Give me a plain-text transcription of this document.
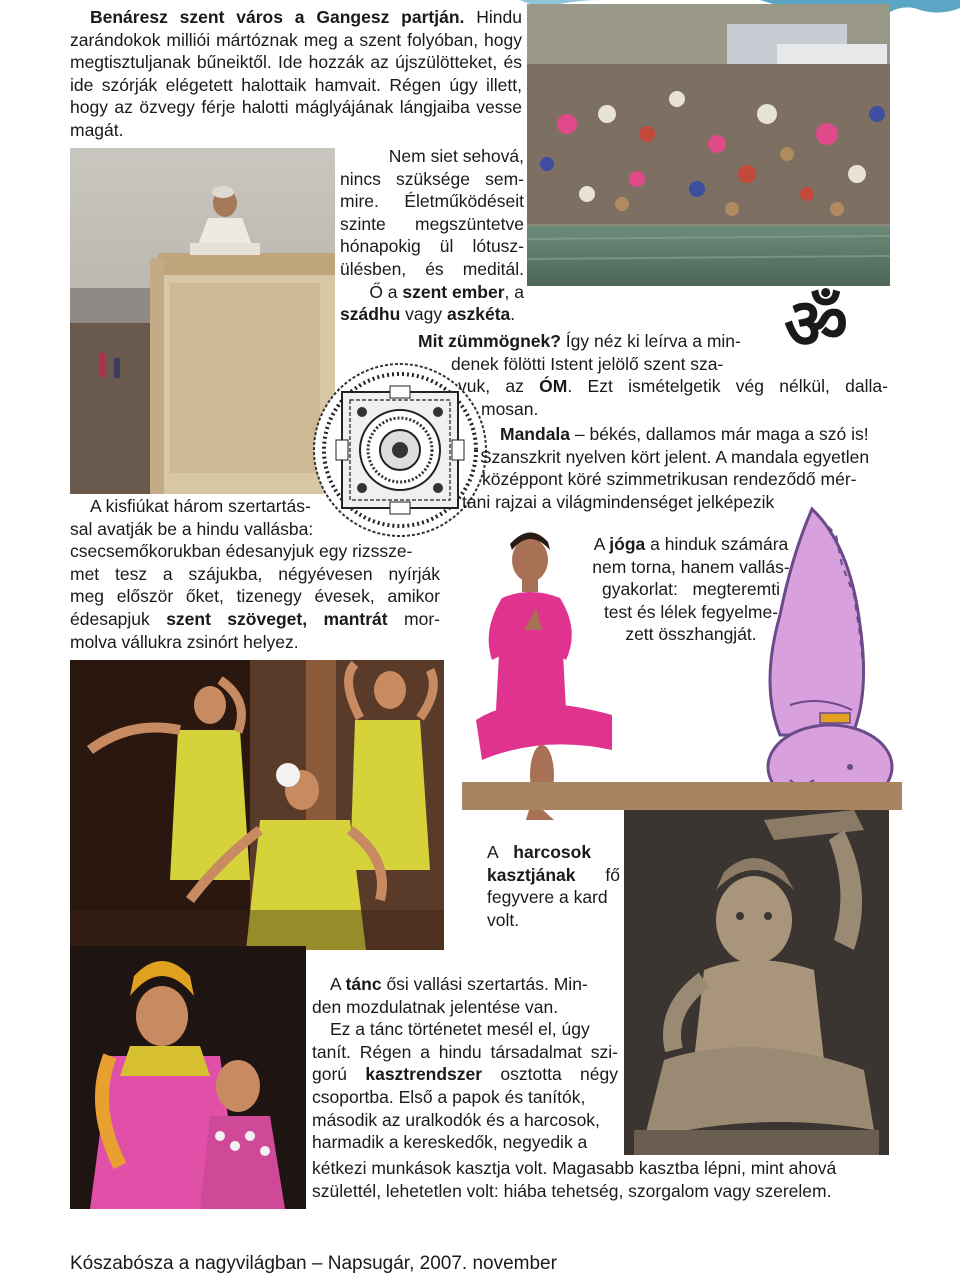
Benáresz szent város a Gangesz partján. Hindu zarándokok milliói mártóznak meg a szent folyóban, hogy megtisztuljanak bűneiktől. Ide hozzák az újszülötteket, és ide szórják elégetett halottaik hamvait. Régen úgy illett, hogy az özvegy férje halotti máglyájának lángjaiba vesse magát.
Nem siet sehová,
nincs szüksége sem-
mire. Életműködéseit
szinte megszüntetve
hónapokig ül lótusz-
ülésben, és meditál.
Ő a szent ember, a
szádhu vagy aszkéta.	ॐ
Mit zümmögnek? Így néz ki leírva a min-
denek fölötti Istent jelölő szent sza-
vuk, az ÓM. Ezt ismételgetik vég nélkül, dalla-
mosan.
Mandala – békés, dallamos már maga a szó is!
Szanszkrit nyelven kört jelent. A mandala egyetlen
középpont köré szimmetrikusan rendeződő mér-
tani rajzai a világmindenséget jelképezik
A kisfiúkat három szertartás-
sal avatják be a hindu vallásba:
csecsemőkorukban édesanyjuk egy rizssze-
met tesz a szájukba, négyévesen nyírják
meg először őket, tizenegy évesek, amikor
édesapjuk szent szöveget, mantrát mor-
molva vállukra zsinórt helyez.
A jóga a hinduk számára
nem torna, hanem vallás-
gyakorlat:   megteremti
test és lélek fegyelme-
zett összhangját.
A harcosok
kasztjának fő
fegyvere a kard
volt.
A tánc ősi vallási szertartás. Min-
den mozdulatnak jelentése van.
Ez a tánc történetet mesél el, úgy
tanít. Régen a hindu társadalmat szi-
gorú kasztrendszer osztotta négy
csoportba. Első a papok és tanítók,
második az uralkodók és a harcosok,
harmadik a kereskedők, negyedik a
kétkezi munkások kasztja volt. Magasabb kasztba lépni, mint ahová
születtél, lehetetlen volt: hiába tehetség, szorgalom vagy szerelem.
Kószabósza a nagyvilágban – Napsugár, 2007. november
